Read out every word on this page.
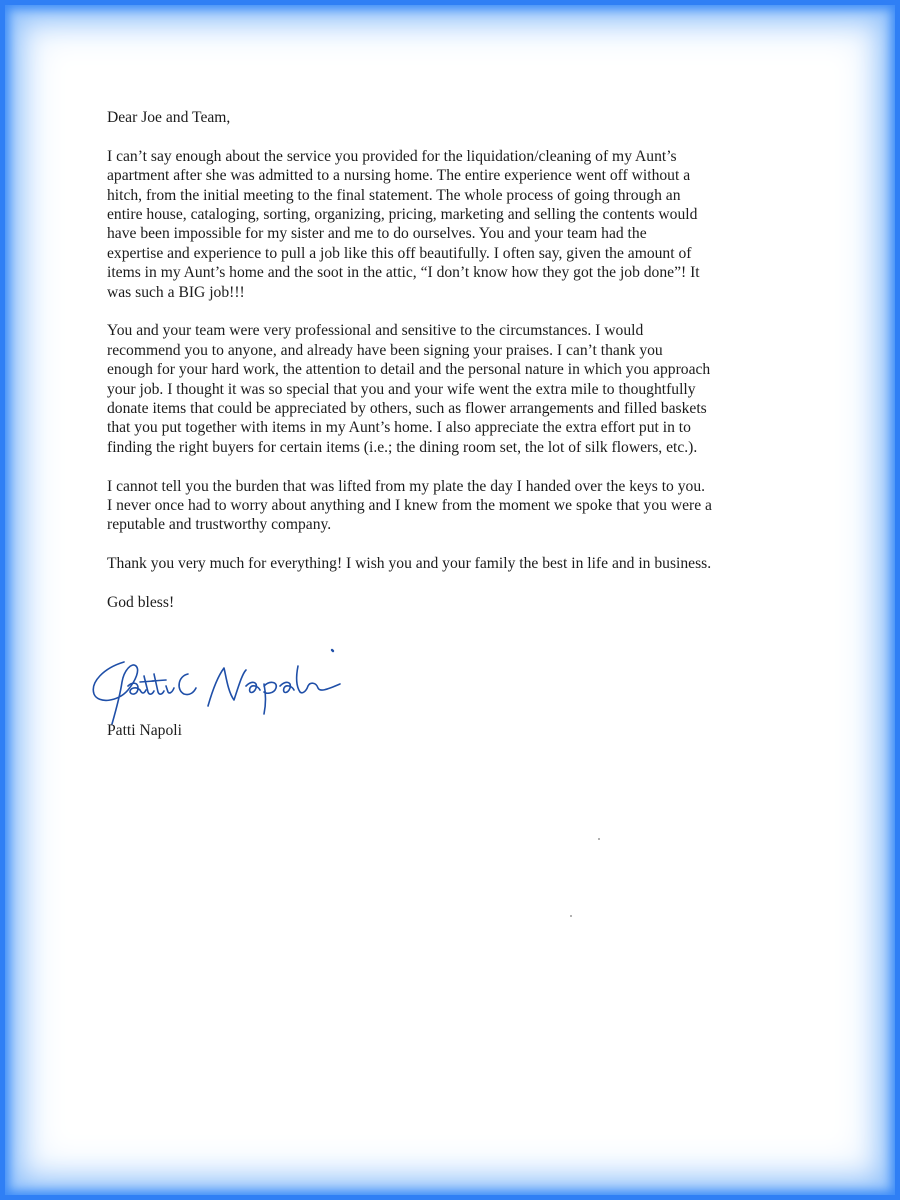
Dear Joe and Team,

I can’t say enough about the service you provided for the liquidation/cleaning of my Aunt’s
apartment after she was admitted to a nursing home. The entire experience went off without a
hitch, from the initial meeting to the final statement. The whole process of going through an
entire house, cataloging, sorting, organizing, pricing, marketing and selling the contents would
have been impossible for my sister and me to do ourselves. You and your team had the
expertise and experience to pull a job like this off beautifully. I often say, given the amount of
items in my Aunt’s home and the soot in the attic, “I don’t know how they got the job done”! It
was such a BIG job!!!

You and your team were very professional and sensitive to the circumstances. I would
recommend you to anyone, and already have been signing your praises. I can’t thank you
enough for your hard work, the attention to detail and the personal nature in which you approach
your job. I thought it was so special that you and your wife went the extra mile to thoughtfully
donate items that could be appreciated by others, such as flower arrangements and filled baskets
that you put together with items in my Aunt’s home. I also appreciate the extra effort put in to
finding the right buyers for certain items (i.e.; the dining room set, the lot of silk flowers, etc.).

I cannot tell you the burden that was lifted from my plate the day I handed over the keys to you.
I never once had to worry about anything and I knew from the moment we spoke that you were a
reputable and trustworthy company.

Thank you very much for everything! I wish you and your family the best in life and in business.

God bless!

Patti Napoli
